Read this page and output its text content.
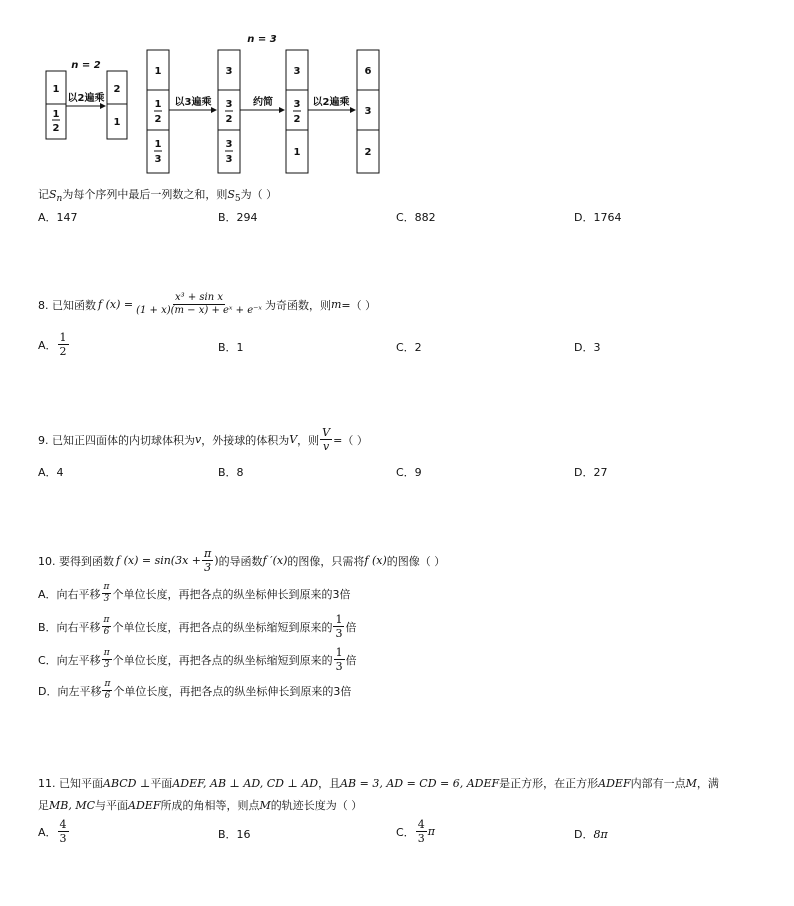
n = 2
n = 3
1
1
2
以2遍乘
2
1
1
1
2
1
3
以3遍乘
3
3
2
3
3
约简
3
3
2
1
以2遍乘
6
3
2
记$S_n$为每个序列中最后一列数之和，则$S_5$为（ ）
A．147	B．294	C．882	D．1764
8. 已知函数 f $(x) = \frac{\text{x³ + sin x}}{\text{(1 + x)(m − x) + eˣ + e⁻ˣ}}$ 为奇函数，则 m =（ ）
A． $\frac{1}{2}$	B．1	C．2	D．3
9. 已知正四面体的内切球体积为 v ，外接球的体积为 V ，则 $\frac{V}{v}$ =（ ）
A．4	B．8	C．9	D．27
10. 要得到函数 f $(x) = \sin(3x + \frac{\pi}{3}$ ) 的导函数 f ′(x) 的图像，只需将 f (x) 的图像（ ）
A．向右平移 $\frac{\pi}{3}$ 个单位长度，再把各点的纵坐标伸长到原来的3倍
B．向右平移 $\frac{\pi}{6}$ 个单位长度，再把各点的纵坐标缩短到原来的 $\frac{1}{3}$ 倍
C．向左平移 $\frac{\pi}{3}$ 个单位长度，再把各点的纵坐标缩短到原来的 $\frac{1}{3}$ 倍
D．向左平移 $\frac{\pi}{6}$ 个单位长度，再把各点的纵坐标伸长到原来的3倍
11. 已知平面ABCD ⊥平面ADEF, AB ⊥ AD, CD ⊥ AD，且AB = 3, AD = CD = 6, ADEF是正方形，在正方形ADEF内部有一点M，满
足MB, MC与平面ADEF所成的角相等，则点M的轨迹长度为（ ）
A． $\frac{4}{3}$	B．16	C． $\frac{4}{3}$ π	D．8π
